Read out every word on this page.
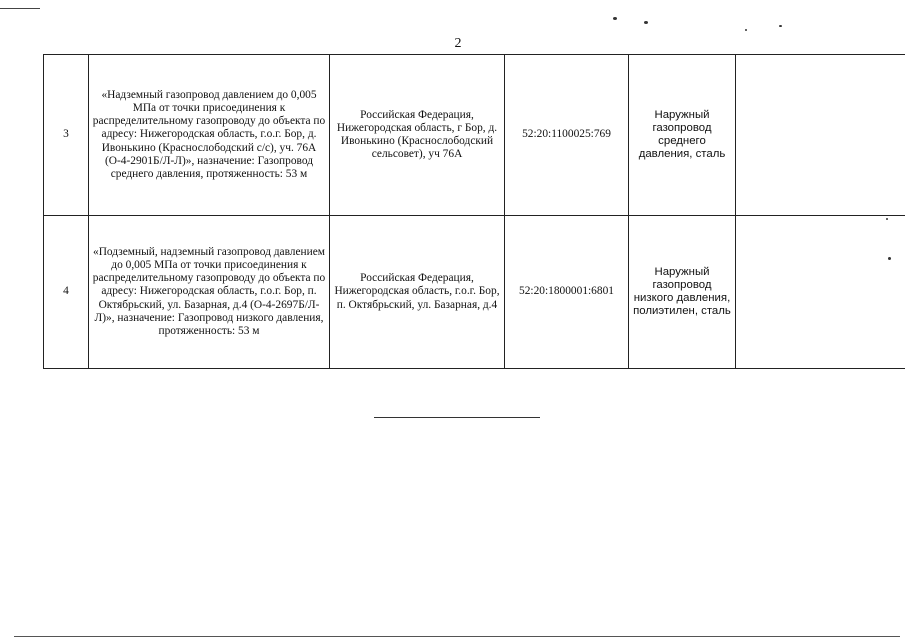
2
3	«Надземный газопровод давлением до 0,005 МПа от точки присоединения к распределительному газопроводу до объекта по адресу: Нижегородская область, г.о.г. Бор, д. Ивонькино (Краснослободский с/с), уч. 76А (О-4-2901Б/Л-Л)», назначение: Газопровод среднего давления, протяженность: 53 м	Российская Федерация, Нижегородская область, г Бор, д. Ивонькино (Краснослободский сельсовет), уч 76А	52:20:1100025:769	Наружный газопровод среднего давления, сталь	

4	«Подземный, надземный газопровод давлением до 0,005 МПа от точки присоединения к распределительному газопроводу до объекта по адресу: Нижегородская область, г.о.г. Бор, п. Октябрьский, ул. Базарная, д.4 (О-4-2697Б/Л-Л)», назначение: Газопровод низкого давления, протяженность: 53 м	Российская Федерация, Нижегородская область, г.о.г. Бор, п. Октябрьский, ул. Базарная, д.4	52:20:1800001:6801	Наружный газопровод низкого давления, полиэтилен, сталь	
